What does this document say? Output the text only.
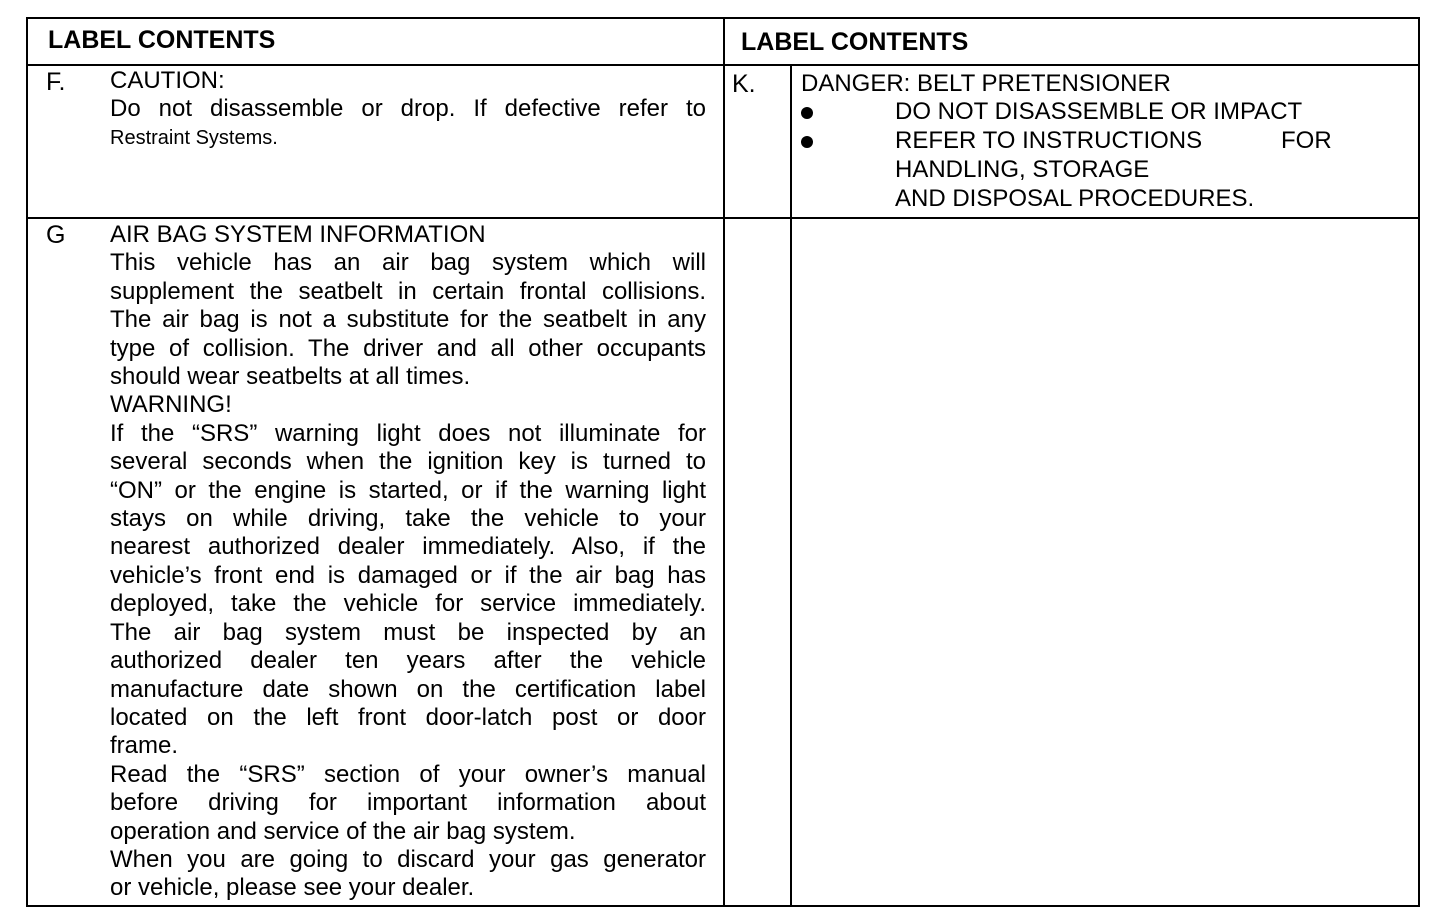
LABEL CONTENTS	LABEL CONTENTS
F. CAUTION:
Do not disassemble or drop. If defective refer to
Restraint Systems.
K. DANGER: BELT PRETENSIONER
DO NOT DISASSEMBLE OR IMPACT
REFER TO INSTRUCTIONS	FOR
HANDLING, STORAGE
AND DISPOSAL PROCEDURES.
G AIR BAG SYSTEM INFORMATION
This vehicle has an air bag system which will
supplement the seatbelt in certain frontal collisions.
The air bag is not a substitute for the seatbelt in any
type of collision. The driver and all other occupants
should wear seatbelts at all times.
WARNING!
If the “SRS” warning light does not illuminate for
several seconds when the ignition key is turned to
“ON” or the engine is started, or if the warning light
stays on while driving, take the vehicle to your
nearest authorized dealer immediately. Also, if the
vehicle’s front end is damaged or if the air bag has
deployed, take the vehicle for service immediately.
The air bag system must be inspected by an
authorized dealer ten years after the vehicle
manufacture date shown on the certification label
located on the left front door-latch post or door
frame.
Read the “SRS” section of your owner’s manual
before driving for important information about
operation and service of the air bag system.
When you are going to discard your gas generator
or vehicle, please see your dealer.
